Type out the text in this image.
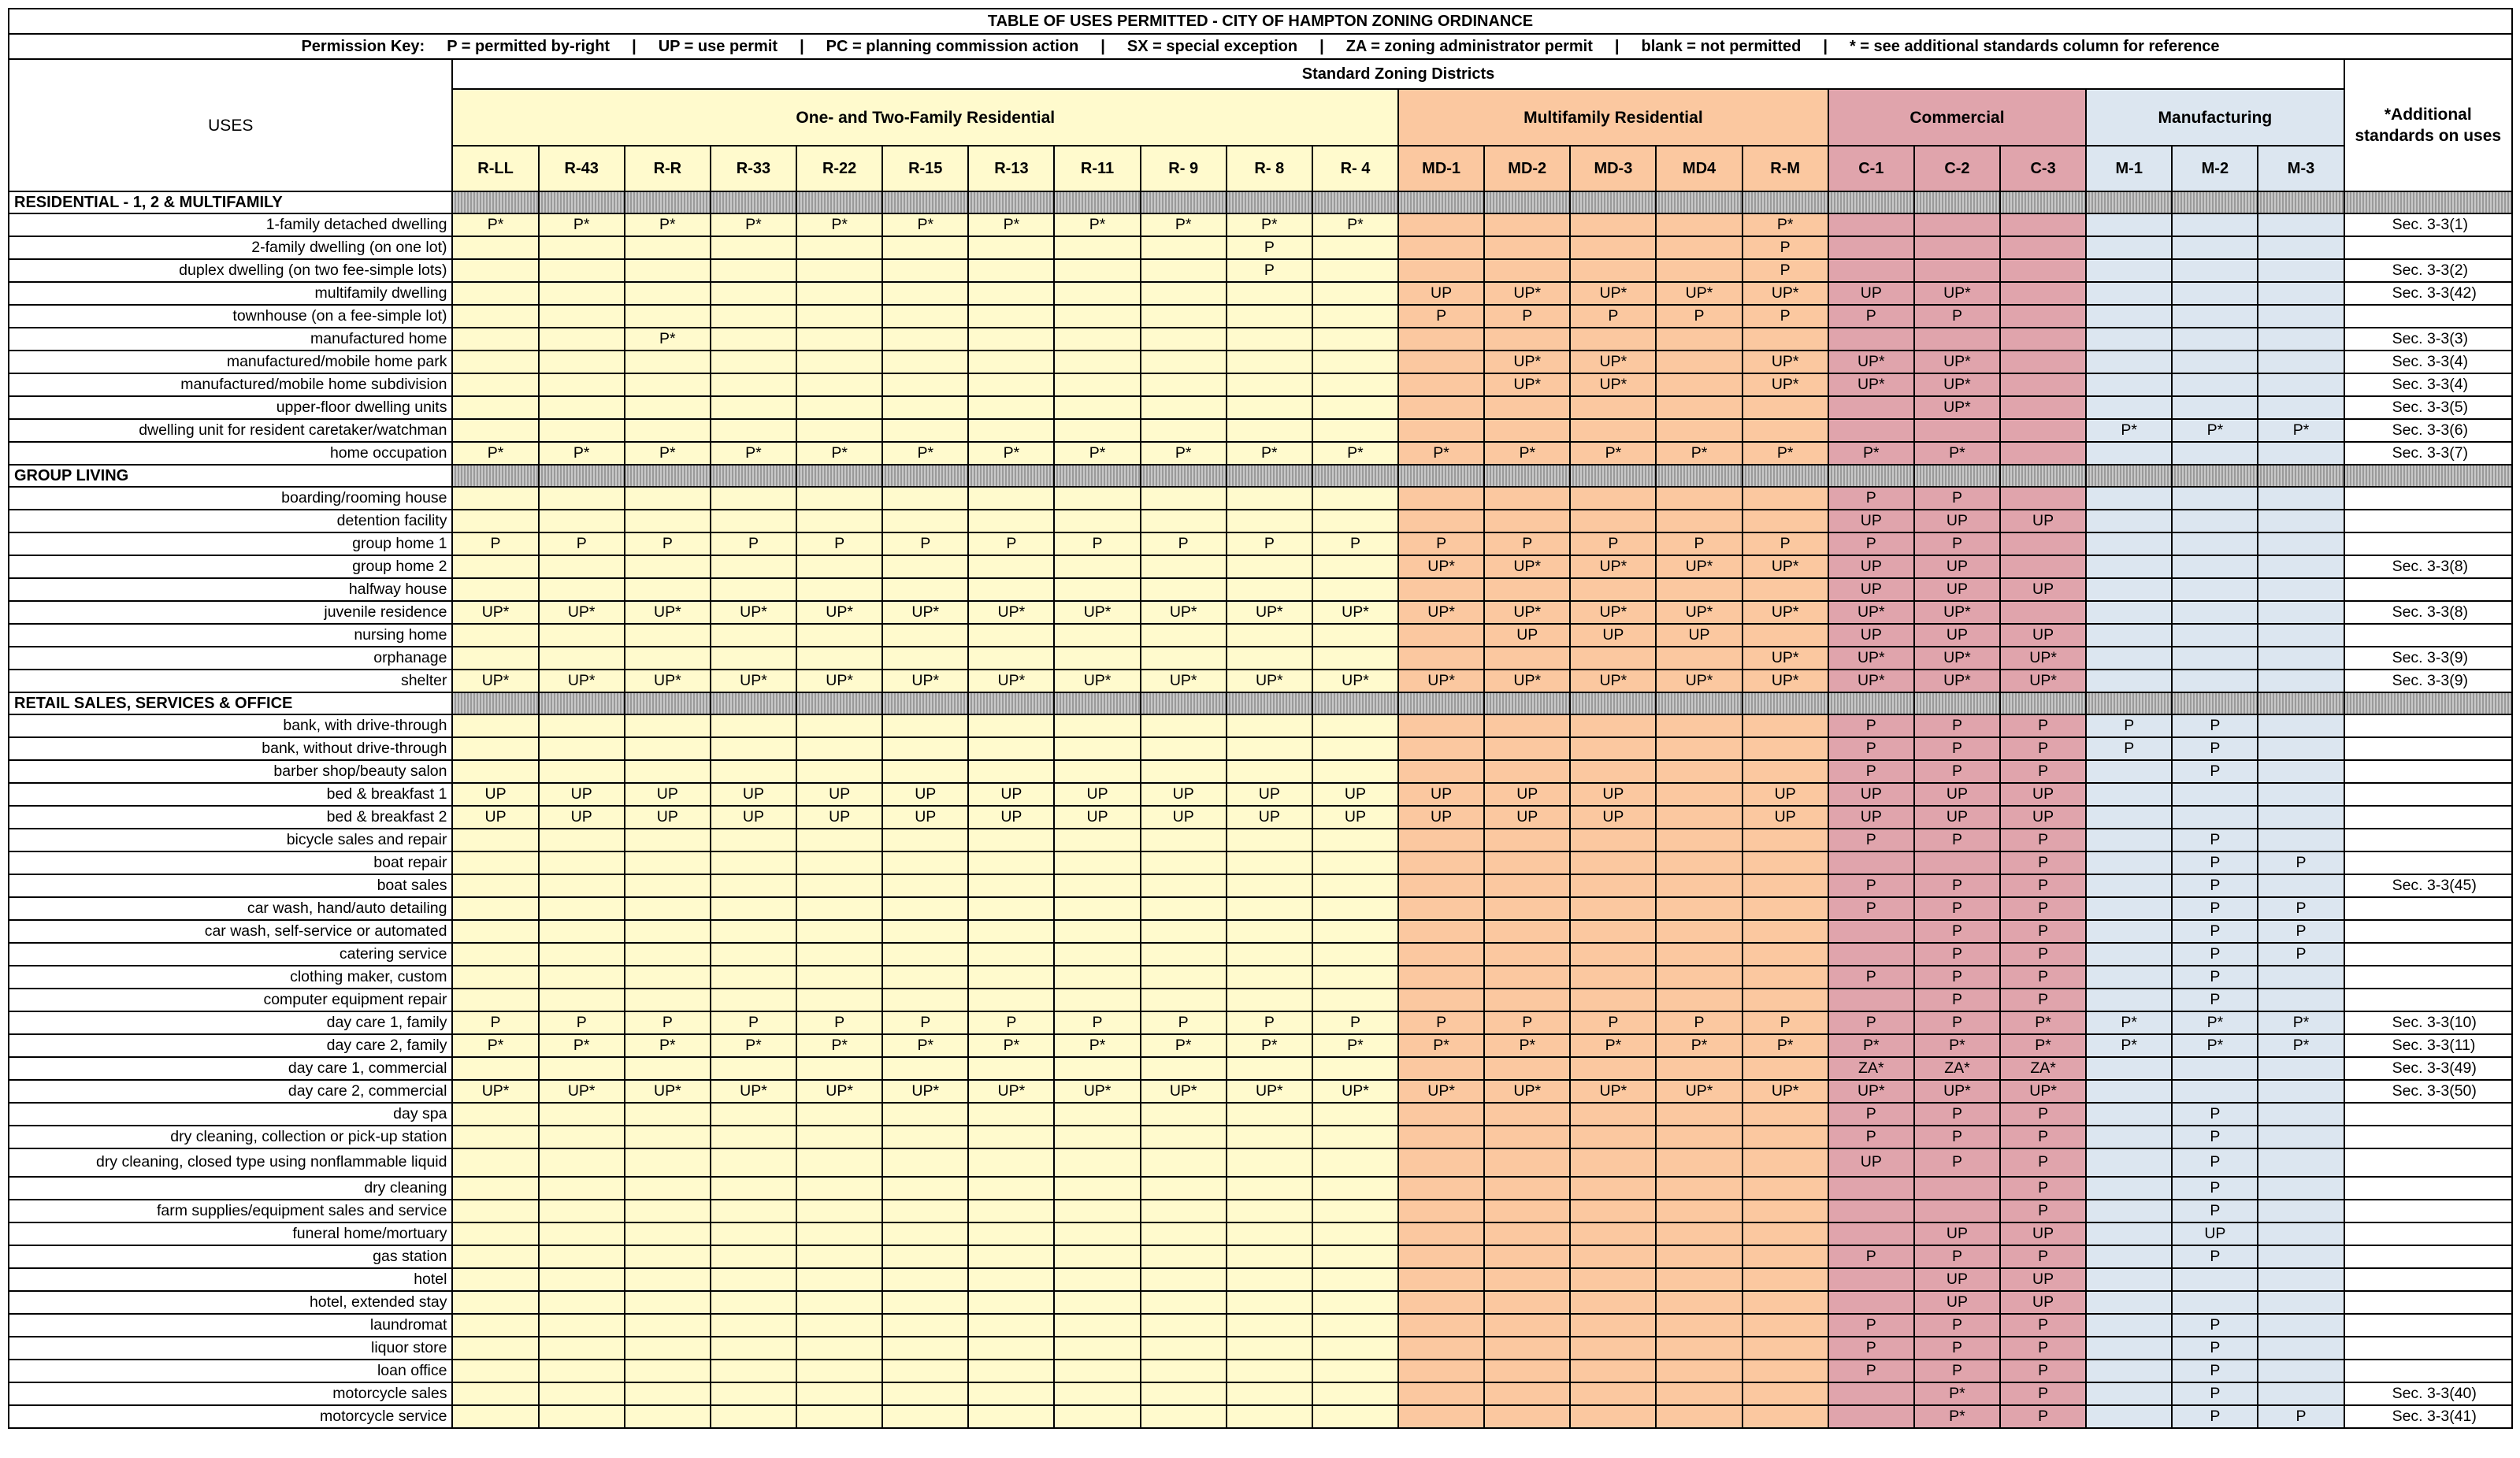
TABLE OF USES PERMITTED - CITY OF HAMPTON ZONING ORDINANCE																							
Permission Key: P = permitted by-right | UP = use permit | PC = planning commission action | SX = special exception | ZA = zoning administrator permit | blank = not permitted | * = see additional standards column for reference																							
USES	Standard Zoning Districts																						*Additional standards on uses
	One- and Two-Family Residential											Multifamily Residential					Commercial			Manufacturing			
	R-LL	R-43	R-R	R-33	R-22	R-15	R-13	R-11	R- 9	R- 8	R- 4	MD-1	MD-2	MD-3	MD4	R-M	C-1	C-2	C-3	M-1	M-2	M-3	
RESIDENTIAL - 1, 2 & MULTIFAMILY																							
1-family detached dwelling	P*	P*	P*	P*	P*	P*	P*	P*	P*	P*	P*					P*							Sec. 3-3(1)
2-family dwelling (on one lot)										P						P							
duplex dwelling (on two fee-simple lots)										P						P							Sec. 3-3(2)
multifamily dwelling												UP	UP*	UP*	UP*	UP*	UP	UP*					Sec. 3-3(42)
townhouse (on a fee-simple lot)												P	P	P	P	P	P	P					
manufactured home			P*																				Sec. 3-3(3)
manufactured/mobile home park													UP*	UP*		UP*	UP*	UP*					Sec. 3-3(4)
manufactured/mobile home subdivision													UP*	UP*		UP*	UP*	UP*					Sec. 3-3(4)
upper-floor dwelling units																		UP*					Sec. 3-3(5)
dwelling unit for resident caretaker/watchman																				P*	P*	P*	Sec. 3-3(6)
home occupation	P*	P*	P*	P*	P*	P*	P*	P*	P*	P*	P*	P*	P*	P*	P*	P*	P*	P*					Sec. 3-3(7)
GROUP LIVING																							
boarding/rooming house																	P	P					
detention facility																	UP	UP	UP				
group home 1	P	P	P	P	P	P	P	P	P	P	P	P	P	P	P	P	P	P					
group home 2												UP*	UP*	UP*	UP*	UP*	UP	UP					Sec. 3-3(8)
halfway house																	UP	UP	UP				
juvenile residence	UP*	UP*	UP*	UP*	UP*	UP*	UP*	UP*	UP*	UP*	UP*	UP*	UP*	UP*	UP*	UP*	UP*	UP*					Sec. 3-3(8)
nursing home													UP	UP	UP		UP	UP	UP				
orphanage																UP*	UP*	UP*	UP*				Sec. 3-3(9)
shelter	UP*	UP*	UP*	UP*	UP*	UP*	UP*	UP*	UP*	UP*	UP*	UP*	UP*	UP*	UP*	UP*	UP*	UP*	UP*				Sec. 3-3(9)
RETAIL SALES, SERVICES & OFFICE																							
bank, with drive-through																	P	P	P	P	P		
bank, without drive-through																	P	P	P	P	P		
barber shop/beauty salon																	P	P	P		P		
bed & breakfast 1	UP	UP	UP	UP	UP	UP	UP	UP	UP	UP	UP	UP	UP	UP		UP	UP	UP	UP				
bed & breakfast 2	UP	UP	UP	UP	UP	UP	UP	UP	UP	UP	UP	UP	UP	UP		UP	UP	UP	UP				
bicycle sales and repair																	P	P	P		P		
boat repair																			P		P	P	
boat sales																	P	P	P		P		Sec. 3-3(45)
car wash, hand/auto detailing																	P	P	P		P	P	
car wash, self-service or automated																		P	P		P	P	
catering service																		P	P		P	P	
clothing maker, custom																	P	P	P		P		
computer equipment repair																		P	P		P		
day care 1, family	P	P	P	P	P	P	P	P	P	P	P	P	P	P	P	P	P	P	P*	P*	P*	P*	Sec. 3-3(10)
day care 2, family	P*	P*	P*	P*	P*	P*	P*	P*	P*	P*	P*	P*	P*	P*	P*	P*	P*	P*	P*	P*	P*	P*	Sec. 3-3(11)
day care 1, commercial																	ZA*	ZA*	ZA*				Sec. 3-3(49)
day care 2, commercial	UP*	UP*	UP*	UP*	UP*	UP*	UP*	UP*	UP*	UP*	UP*	UP*	UP*	UP*	UP*	UP*	UP*	UP*	UP*				Sec. 3-3(50)
day spa																	P	P	P		P		
dry cleaning, collection or pick-up station																	P	P	P		P		
dry cleaning, closed type using nonflammable liquid																	UP	P	P		P		
dry cleaning																			P		P		
farm supplies/equipment sales and service																			P		P		
funeral home/mortuary																		UP	UP		UP		
gas station																	P	P	P		P		
hotel																		UP	UP				
hotel, extended stay																		UP	UP				
laundromat																	P	P	P		P		
liquor store																	P	P	P		P		
loan office																	P	P	P		P		
motorcycle sales																		P*	P		P		Sec. 3-3(40)
motorcycle service																		P*	P		P	P	Sec. 3-3(41)
